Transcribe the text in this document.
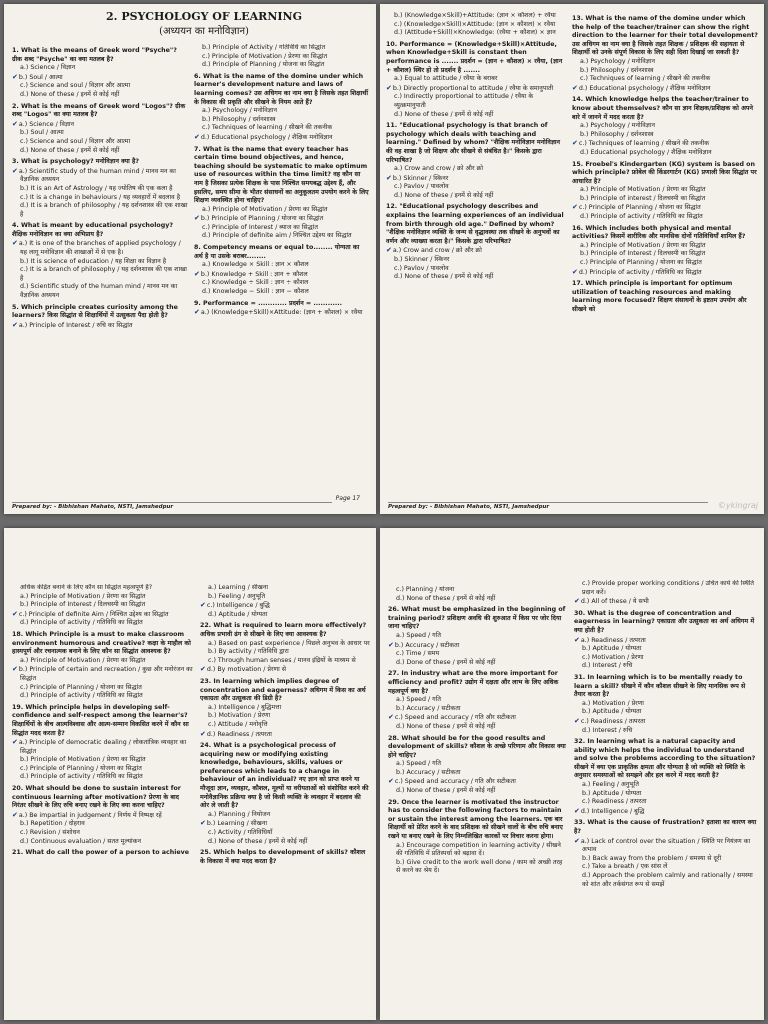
2. PSYCHOLOGY OF LEARNING
(अध्ययन का मनोविज्ञान)
1. What is the means of Greek word "Psyche"? ग्रीक शब्द "Psyche" का क्या मतलब है?
a.) Science / विज्ञान
✔ b.) Soul / आत्मा
c.) Science and soul / विज्ञान और आत्मा
d.) None of these / इनमें से कोई नहीं
2. What is the means of Greek word "Logos"? ग्रीक शब्द "Logos" का क्या मतलब है?
✔ a.) Science / विज्ञान
b.) Soul / आत्मा
c.) Science and soul / विज्ञान और आत्मा
d.) None of these / इनमें से कोई नहीं
3. What is psychology? मनोविज्ञान क्या है?
✔ a.) Scientific study of the human mind / मानव मन का वैज्ञानिक अध्ययन
b.) It is an Art of Astrology / यह ज्योतिष की एक कला है
c.) It is a change in behaviours / यह व्यवहारों में बदलाव है
d.) It is a branch of philosophy / यह दर्शनशास्त्र की एक शाखा है
4. What is meant by educational psychology? शैक्षिक मनोविज्ञान का क्या अभिप्राय है?
✔ a.) It is one of the branches of applied psychology / यह लागू मनोविज्ञान की शाखाओं में से एक है।
b.) It is science of education / यह शिक्षा का विज्ञान है
c.) It is a branch of philosophy / यह दर्शनशास्त्र की एक शाखा है
d.) Scientific study of the human mind / मानव मन का वैज्ञानिक अध्ययन
5. Which principle creates curiosity among the learners? किस सिद्धांत से शिक्षार्थियों में उत्सुकता पैदा होती है?
✔ a.) Principle of Interest / रुचि का सिद्धांत
b.) Principle of Activity / गतिविधि का सिद्धांत
c.) Principle of Motivation / प्रेरणा का सिद्धांत
d.) Principle of Planning / योजना का सिद्धांत
6. What is the name of the domine under which learner's development nature and laws of learning comes? उस अधिगम का नाम क्या है जिसके तहत शिक्षार्थी के विकास की प्रकृति और सीखने के नियम आते हैं?
a.) Psychology / मनोविज्ञान
b.) Philosophy / दर्शनशास्त्र
c.) Techniques of learning / सीखने की तकनीक
✔ d.) Educational psychology / शैक्षिक मनोविज्ञान
7. What is the name that every teacher has certain time bound objectives, and hence, teaching should be systematic to make optimum use of resources within the time limit? वह कौन सा नाम है जिसका प्रत्येक शिक्षक के पास निश्चित समयबद्ध उद्देश्य हैं, और इसलिए, समय सीमा के भीतर संसाधनों का अनुकूलतम उपयोग करने के लिए शिक्षण व्यवस्थित होना चाहिए?
a.) Principle of Motivation / प्रेरणा का सिद्धांत
✔ b.) Principle of Planning / योजना का सिद्धांत
c.) Principle of Interest / ब्याज का सिद्धांत
d.) Principle of definite aim / निश्चित उद्देश्य का सिद्धांत
8. Competency means or equal to........ योग्यता का अर्थ है या उसके बराबर........
a.) Knowledge × Skill : ज्ञान × कौशल
✔ b.) Knowledge + Skill : ज्ञान + कौशल
c.) Knowledge ÷ Skill : ज्ञान ÷ कौशल
d.) Knowledge − Skill : ज्ञान − कौशल
9. Performance = ............ प्रदर्शन = ............
✔ a.) (Knowledge+Skill)×Attitude: (ज्ञान + कौशल) × रवैया
Page 17
Prepared by: - Bibhishan Mahato, NSTI, Jamshedpur
b.) (Knowledge×Skill)+Attitude: (ज्ञान × कौशल) + रवैया
c.) (Knowledge×Skill)×Attitude: (ज्ञान × कौशल) × रवैया
d.) (Attitude+Skill)×Knowledge: (रवैया + कौशल) × ज्ञान
10. Performance = (Knowledge+Skill)×Attitude, when Knowledge+Skill is constant then performance is ....... प्रदर्शन = (ज्ञान + कौशल) × रवैया, (ज्ञान + कौशल) स्थिर हो तो प्रदर्शन है .......
a.) Equal to attitude / रवैया के बराबर
✔ b.) Directly proportional to attitude / रवैया के समानुपाती
c.) Indirectly proportional to attitude / रवैया के व्युत्क्रमानुपाती
d.) None of these / इनमें से कोई नहीं
11. "Educational psychology is that branch of psychology which deals with teaching and learning." Defined by whom? "शैक्षिक मनोविज्ञान मनोविज्ञान की वह शाखा है जो शिक्षण और सीखने से संबंधित है।" किसके द्वारा परिभाषित?
a.) Crow and crow / क्रो और क्रो
✔ b.) Skinner / स्किनर
c.) Pavlov / पावलोव
d.) None of these / इनमें से कोई नहीं
12. "Educational psychology describes and explains the learning experiences of an individual from birth through old age." Defined by whom? "शैक्षिक मनोविज्ञान व्यक्ति के जन्म से वृद्धावस्था तक सीखने के अनुभवों का वर्णन और व्याख्या करता है।" किसके द्वारा परिभाषित?
✔ a.) Crow and crow / क्रो और क्रो
b.) Skinner / स्किनर
c.) Pavlov / पावलोव
d.) None of these / इनमें से कोई नहीं
13. What is the name of the domine under which the help of the teacher/trainer can show the right direction to the learner for their total development? उस अधिगम का नाम क्या है जिसके तहत शिक्षक / प्रशिक्षक की सहायता से शिक्षार्थी को उनके संपूर्ण विकास के लिए सही दिशा दिखाई जा सकती है?
a.) Psychology / मनोविज्ञान
b.) Philosophy / दर्शनशास्त्र
c.) Techniques of learning / सीखने की तकनीक
✔ d.) Educational psychology / शैक्षिक मनोविज्ञान
14. Which knowledge helps the teacher/trainer to know about themselves? कौन सा ज्ञान शिक्षक/प्रशिक्षक को अपने बारे में जानने में मदद करता है?
a.) Psychology / मनोविज्ञान
b.) Philosophy / दर्शनशास्त्र
✔ c.) Techniques of learning / सीखने की तकनीक
d.) Educational psychology / शैक्षिक मनोविज्ञान
15. Froebel's Kindergarten (KG) system is based on which principle? फ्रोबेल की किंडरगार्टन (KG) प्रणाली किस सिद्धांत पर आधारित है?
a.) Principle of Motivation / प्रेरणा का सिद्धांत
b.) Principle of interest / दिलचस्पी का सिद्धांत
✔ c.) Principle of Planning / योजना का सिद्धांत
d.) Principle of activity / गतिविधि का सिद्धांत
16. Which includes both physical and mental activities? किसमें शारीरिक और मानसिक दोनों गतिविधियाँ शामिल हैं?
a.) Principle of Motivation / प्रेरणा का सिद्धांत
b.) Principle of Interest / दिलचस्पी का सिद्धांत
c.) Principle of Planning / योजना का सिद्धांत
✔ d.) Principle of activity / गतिविधि का सिद्धांत
17. Which principle is important for optimum utilization of teaching resources and making learning more focused? शिक्षण संसाधनों के इष्टतम उपयोग और सीखने को
Prepared by: - Bibhishan Mahato, NSTI, Jamshedpur	©ykingraj
अधिक केंद्रित बनाने के लिए कौन सा सिद्धांत महत्वपूर्ण है?
a.) Principle of Motivation / प्रेरणा का सिद्धांत
b.) Principle of Interest / दिलचस्पी का सिद्धांत
✔ c.) Principle of definite Aim / निश्चित उद्देश्य का सिद्धांत
d.) Principle of activity / गतिविधि का सिद्धांत
18. Which Principle is a must to make classroom environment humorous and creative? कक्षा के माहौल को हास्यपूर्ण और रचनात्मक बनाने के लिए कौन सा सिद्धांत आवश्यक है?
a.) Principle of Motivation / प्रेरणा का सिद्धांत
✔ b.) Principle of certain and recreation / कुछ और मनोरंजन का सिद्धांत
c.) Principle of Planning / योजना का सिद्धांत
d.) Principle of activity / गतिविधि का सिद्धांत
19. Which principle helps in developing self-confidence and self-respect among the learner's? शिक्षार्थियों के बीच आत्मविश्वास और आत्म-सम्मान विकसित करने में कौन सा सिद्धांत मदद करता है?
✔ a.) Principle of democratic dealing / लोकतांत्रिक व्यवहार का सिद्धांत
b.) Principle of Motivation / प्रेरणा का सिद्धांत
c.) Principle of Planning / योजना का सिद्धांत
d.) Principle of activity / गतिविधि का सिद्धांत
20. What should be done to sustain interest for continuous learning after motivation? प्रेरणा के बाद निरंतर सीखने के लिए रुचि बनाए रखने के लिए क्या करना चाहिए?
✔ a.) Be impartial in judgement / निर्णय में निष्पक्ष रहें
b.) Repetition / दोहराव
c.) Revision / संशोधन
d.) Continuous evaluation / सतत मूल्यांकन
21. What do call the power of a person to achieve
a.) Learning / सीखना
b.) Feeling / अनुभूति
✔ c.) Intelligence / बुद्धि
d.) Aptitude / योग्यता
22. What is required to learn more effectively? अधिक प्रभावी ढंग से सीखने के लिए क्या आवश्यक है?
a.) Based on past experience / पिछले अनुभव के आधार पर
b.) By activity / गतिविधि द्वारा
c.) Through human senses / मानव इंद्रियों के माध्यम से
✔ d.) By motivation / प्रेरणा से
23. In learning which implies degree of concentration and eagerness? अधिगम में किस का अर्थ एकाग्रता और उत्सुकता की डिग्री है?
a.) Intelligence / बुद्धिमत्ता
b.) Motivation / प्रेरणा
c.) Attitude / मनोवृत्ति
✔ d.) Readiness / तत्परता
24. What is a psychological process of acquiring new or modifying existing knowledge, behaviours, skills, values or preferences which leads to a change in behaviour of an individual? नए ज्ञान को प्राप्त करने या मौजूदा ज्ञान, व्यवहार, कौशल, मूल्यों या वरीयताओं को संशोधित करने की मनोवैज्ञानिक प्रक्रिया क्या है जो किसी व्यक्ति के व्यवहार में बदलाव की ओर ले जाती है?
a.) Planning / नियोजन
✔ b.) Learning / सीखना
c.) Activity / गतिविधियाँ
d.) None of these / इनमें से कोई नहीं
25. Which helps to development of skills? कौशल के विकास में क्या मदद करता है?
c.) Planning / योजना
d.) None of these / इनमें से कोई नहीं
26. What must be emphasized in the beginning of training period? प्रशिक्षण अवधि की शुरुआत में किस पर जोर दिया जाना चाहिए?
a.) Speed / गति
✔ b.) Accuracy / सटीकता
c.) Time / समय
d.) Done of these / इनमें से कोई नहीं
27. In industry what are the more important for efficiency and profit? उद्योग में दक्षता और लाभ के लिए अधिक महत्वपूर्ण क्या है?
a.) Speed / गति
b.) Accuracy / सटीकता
✔ c.) Speed and accuracy / गति और सटीकता
d.) None of these / इनमें से कोई नहीं
28. What should be for the good results and development of skills? कौशल के अच्छे परिणाम और विकास क्या होने चाहिए?
a.) Speed / गति
b.) Accuracy / सटीकता
✔ c.) Speed and accuracy / गति और सटीकता
d.) None of these / इनमें से कोई नहीं
29. Once the learner is motivated the instructor has to consider the following factors to maintain or sustain the interest among the learners. एक बार शिक्षार्थी को प्रेरित करने के बाद प्रशिक्षक को सीखने वालों के बीच रुचि बनाए रखने या बनाए रखने के लिए निम्नलिखित कारकों पर विचार करना होगा।
a.) Encourage competition in learning activity / सीखने की गतिविधि में प्रतिस्पर्धा को बढ़ावा दें।
b.) Give credit to the work well done / काम को अच्छी तरह से करने का श्रेय दें।
c.) Provide proper working conditions / उचित कार्य की स्थिति प्रदान करें।
✔ d.) All of these / ये सभी
30. What is the degree of concentration and eagerness in learning? एकाग्रता और उत्सुकता का अर्थ अधिगम में क्या होती है?
✔ a.) Readiness / तत्परता
b.) Aptitude / योग्यता
c.) Motivation / प्रेरणा
d.) Interest / रुचि
31. In learning which is to be mentally ready to learn a skill? सीखने में कौन कौशल सीखने के लिए मानसिक रूप से तैयार करता है?
a.) Motivation / प्रेरणा
b.) Aptitude / योग्यता
✔ c.) Readiness / तत्परता
d.) Interest / रुचि
32. In learning what is a natural capacity and ability which helps the individual to understand and solve the problems according to the situation? सीखने में क्या एक प्राकृतिक क्षमता और योग्यता है जो व्यक्ति को स्थिति के अनुसार समस्याओं को समझने और हल करने में मदद करती है?
a.) Feeling / अनुभूति
b.) Aptitude / योग्यता
c.) Readiness / तत्परता
✔ d.) Intelligence / बुद्धि
33. What is the cause of frustration? हताशा का कारण क्या है?
✔ a.) Lack of control over the situation / स्थिति पर नियंत्रण का अभाव
b.) Back away from the problem / समस्या से दूरी
c.) Take a breath / एक सांस लें
d.) Approach the problem calmly and rationally / समस्या को शांत और तर्कसंगत रूप से समझें
